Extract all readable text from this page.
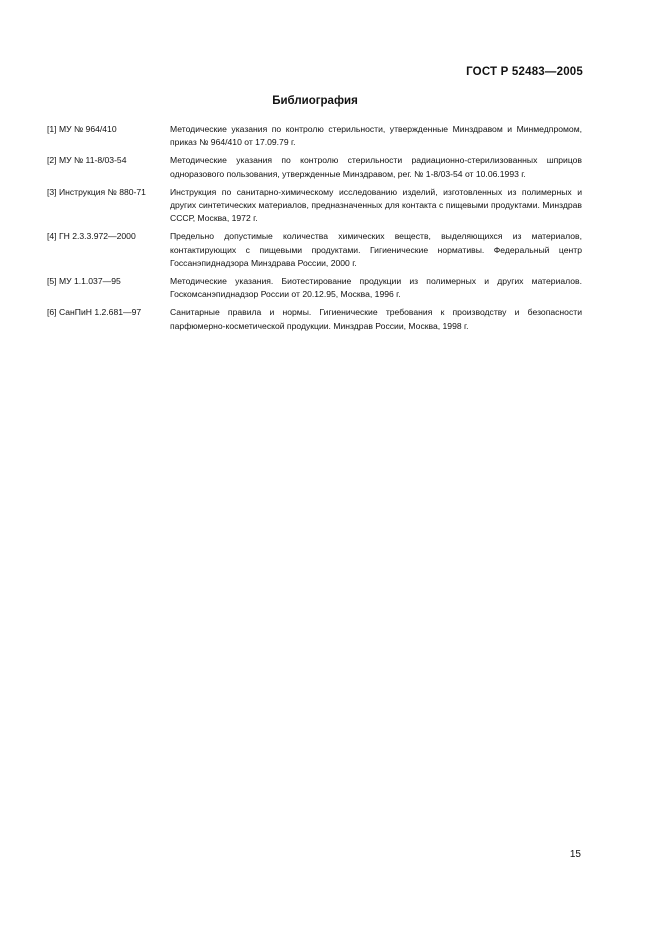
ГОСТ Р 52483—2005
Библиография
[1] МУ № 964/410	Методические указания по контролю стерильности, утвержденные Минздравом и Минмедпромом, приказ № 964/410 от 17.09.79 г.
[2] МУ № 11-8/03-54	Методические указания по контролю стерильности радиационно-стерилизованных шприцов одноразового пользования, утвержденные Минздравом, рег. № 1-8/03-54 от 10.06.1993 г.
[3] Инструкция № 880-71	Инструкция по санитарно-химическому исследованию изделий, изготовленных из полимерных и других синтетических материалов, предназначенных для контакта с пищевыми продуктами. Минздрав СССР, Москва, 1972 г.
[4] ГН 2.3.3.972—2000	Предельно допустимые количества химических веществ, выделяющихся из материалов, контактирующих с пищевыми продуктами. Гигиенические нормативы. Федеральный центр Госсанэпиднадзора Минздрава России, 2000 г.
[5] МУ 1.1.037—95	Методические указания. Биотестирование продукции из полимерных и других материалов. Госкомсанэпиднадзор России от 20.12.95, Москва, 1996 г.
[6] СанПиН 1.2.681—97	Санитарные правила и нормы. Гигиенические требования к производству и безопасности парфюмерно-косметической продукции. Минздрав России, Москва, 1998 г.
15
